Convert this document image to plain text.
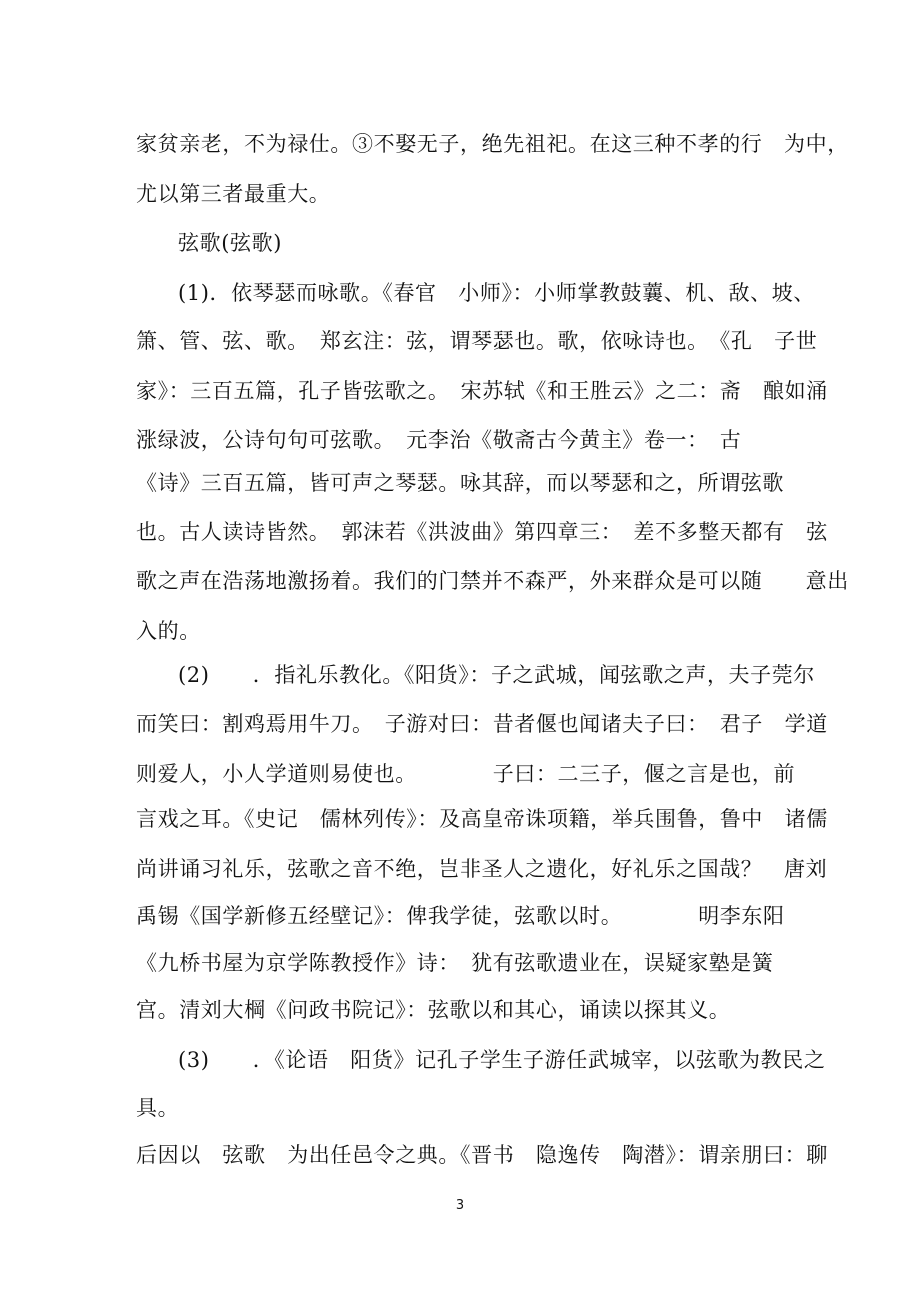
家贫亲老，不为禄仕。③不娶无子，绝先祖祀。在这三种不孝的行　为中，
尤以第三者最重大。
弦歌(弦歌)
(1)．依琴瑟而咏歌。《春官　小师》：小师掌教鼓蘘、机、敌、坡、
箫、管、弦、歌。　郑玄注：弦，谓琴瑟也。歌，依咏诗也。　《孔　子世
家》：三百五篇，孔子皆弦歌之。　宋苏轼《和王胜云》之二：斋　酿如涌
涨绿波，公诗句句可弦歌。　元李治《敬斋古今黄主》卷一：　古
《诗》三百五篇，皆可声之琴瑟。咏其辞，而以琴瑟和之，所谓弦歌
也。古人读诗皆然。　郭沫若《洪波曲》第四章三：　差不多整天都有　弦
歌之声在浩荡地激扬着。我们的门禁并不森严，外来群众是可以随　　意出
入的。
(2)　　．指礼乐教化。《阳货》：子之武城，闻弦歌之声，夫子莞尔
而笑曰：割鸡焉用牛刀。　子游对曰：昔者偃也闻诸夫子曰：　君子　学道
则爱人，小人学道则易使也。　　　　子曰：二三子，偃之言是也，前
言戏之耳。《史记　儒林列传》：及高皇帝诛项籍，举兵围鲁，鲁中　诸儒
尚讲诵习礼乐，弦歌之音不绝，岂非圣人之遗化，好礼乐之国哉？　唐刘
禹锡《国学新修五经壁记》：俾我学徒，弦歌以时。　　　　明李东阳
《九桥书屋为京学陈教授作》诗：　犹有弦歌遗业在，误疑家塾是簧
宫。清刘大棡《问政书院记》：弦歌以和其心，诵读以探其义。
(3)　　．《论语　阳货》记孔子学生子游任武城宰，以弦歌为教民之
具。
后因以　弦歌　为出任邑令之典。《晋书　隐逸传　陶潜》：谓亲朋曰：聊
3
